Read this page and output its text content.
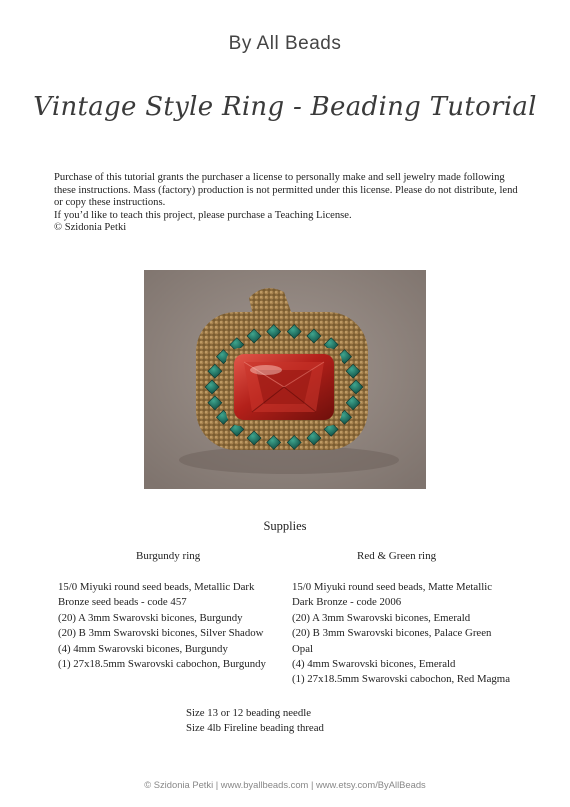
By All Beads
Vintage Style Ring - Beading Tutorial

Purchase of this tutorial grants the purchaser a license to personally make and sell jewelry made following these instructions. Mass (factory) production is not permitted under this license. Please do not distribute, lend or copy these instructions.

If you’d like to teach this project, please purchase a Teaching License.

© Szidonia Petki

Supplies
Burgundy ring	Red & Green ring

15/0 Miyuki round seed beads, Metallic Dark Bronze seed beads - code 457

(20) A 3mm Swarovski bicones, Burgundy

(20) B 3mm Swarovski bicones, Silver Shadow

(4) 4mm Swarovski bicones, Burgundy

(1) 27x18.5mm Swarovski cabochon, Burgundy

15/0 Miyuki round seed beads, Matte Metallic Dark Bronze - code 2006

(20) A 3mm Swarovski bicones, Emerald

(20) B 3mm Swarovski bicones, Palace Green Opal

(4) 4mm Swarovski bicones, Emerald

(1) 27x18.5mm Swarovski cabochon, Red Magma

Size 13 or 12 beading needle

Size 4lb Fireline beading thread

© Szidonia Petki | www.byallbeads.com | www.etsy.com/ByAllBeads
